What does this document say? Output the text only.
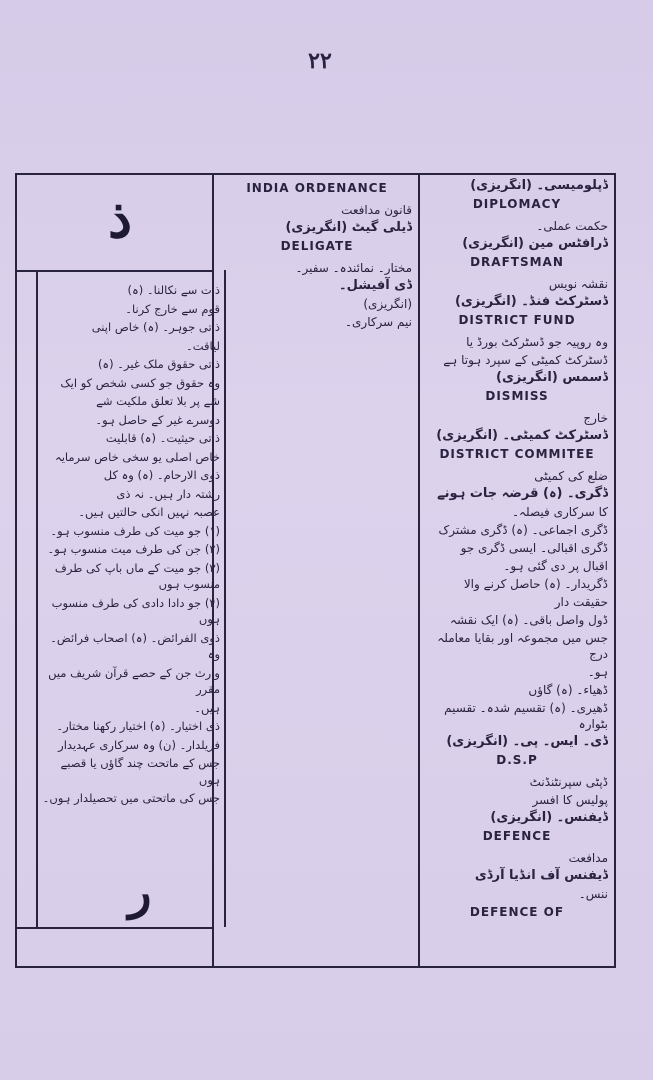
۲۲
ذ
ر

ذات سے نکالنا۔ (ہ)

قوم سے خارج کرنا۔

ذاتی جوہر۔ (ہ) خاص اپنی

لیاقت۔

ذاتی حقوق ملک غیر۔ (ہ)

وہ حقوق جو کسی شخص کو ایک

شے پر بلا تعلق ملکیت شے

دوسرے غیر کے حاصل ہو۔

ذاتی حیثیت۔ (ہ) قابلیت

خاص اصلی یو سخی خاص سرمایہ

ذوی الارحام۔ (ہ) وہ کل

رشتہ دار ہیں۔ نہ ذی

عصبہ نہیں انکی حالتیں ہیں۔

(۱) جو میت کی طرف منسوب ہو۔

(۲) جن کی طرف میت منسوب ہو۔

(۳) جو میت کے ماں باپ کی طرف منسوب ہوں

(۴) جو دادا دادی کی طرف منسوب ہوں

ذوی الفرائض۔ (ہ) اصحاب فرائض۔ وہ

وارث جن کے حصے قرآن شریف میں مقرر

ہیں۔

ذی اختیار۔ (ہ) اختیار رکھنا مختار۔

فریلدار۔ (ن) وہ سرکاری عہدیدار

جس کے ماتحت چند گاؤں یا قصبے ہوں

جس کی ماتحتی میں تحصیلدار ہوں۔

INDIA ORDENANCE

قانون مدافعت

ڈیلی گیٹ (انگریزی)

DELIGATE

مختار۔ نمائندہ۔ سفیر۔

ڈی آفیشل۔

(انگریزی)

نیم سرکاری۔

ڈپلومیسی۔ (انگریزی)

DIPLOMACY

حکمت عملی۔

ڈرافٹس مین (انگریزی)

DRAFTSMAN

نقشہ نویس

ڈسٹرکٹ فنڈ۔ (انگریزی)

DISTRICT FUND

وہ روپیہ جو ڈسٹرکٹ بورڈ یا

ڈسٹرکٹ کمیٹی کے سپرد ہوتا ہے

ڈسمس (انگریزی)

DISMISS

خارج

ڈسٹرکٹ کمیٹی۔ (انگریزی)

DISTRICT COMMITEE

ضلع کی کمیٹی

ڈگری۔ (ہ) قرضہ جات ہونے

کا سرکاری فیصلہ۔

ڈگری اجماعی۔ (ہ) ڈگری مشترک

ڈگری اقبالی۔ ایسی ڈگری جو

اقبال پر دی گئی ہو۔

ڈگریدار۔ (ہ) حاصل کرنے والا

حقیقت دار

ڈول واصل باقی۔ (ہ) ایک نقشہ

جس میں مجموعہ اور بقایا معاملہ درج

ہو۔

ڈھیاء۔ (ہ) گاؤں

ڈھیری۔ (ہ) تقسیم شدہ۔ تقسیم بٹوارہ

ڈی۔ ایس۔ پی۔ (انگریزی)

D.S.P

ڈپٹی سپرنٹنڈنٹ

پولیس کا افسر

ڈیفنس۔ (انگریزی)

DEFENCE

مدافعت

ڈیفنس آف انڈیا آرڈی

ننس۔

DEFENCE OF
